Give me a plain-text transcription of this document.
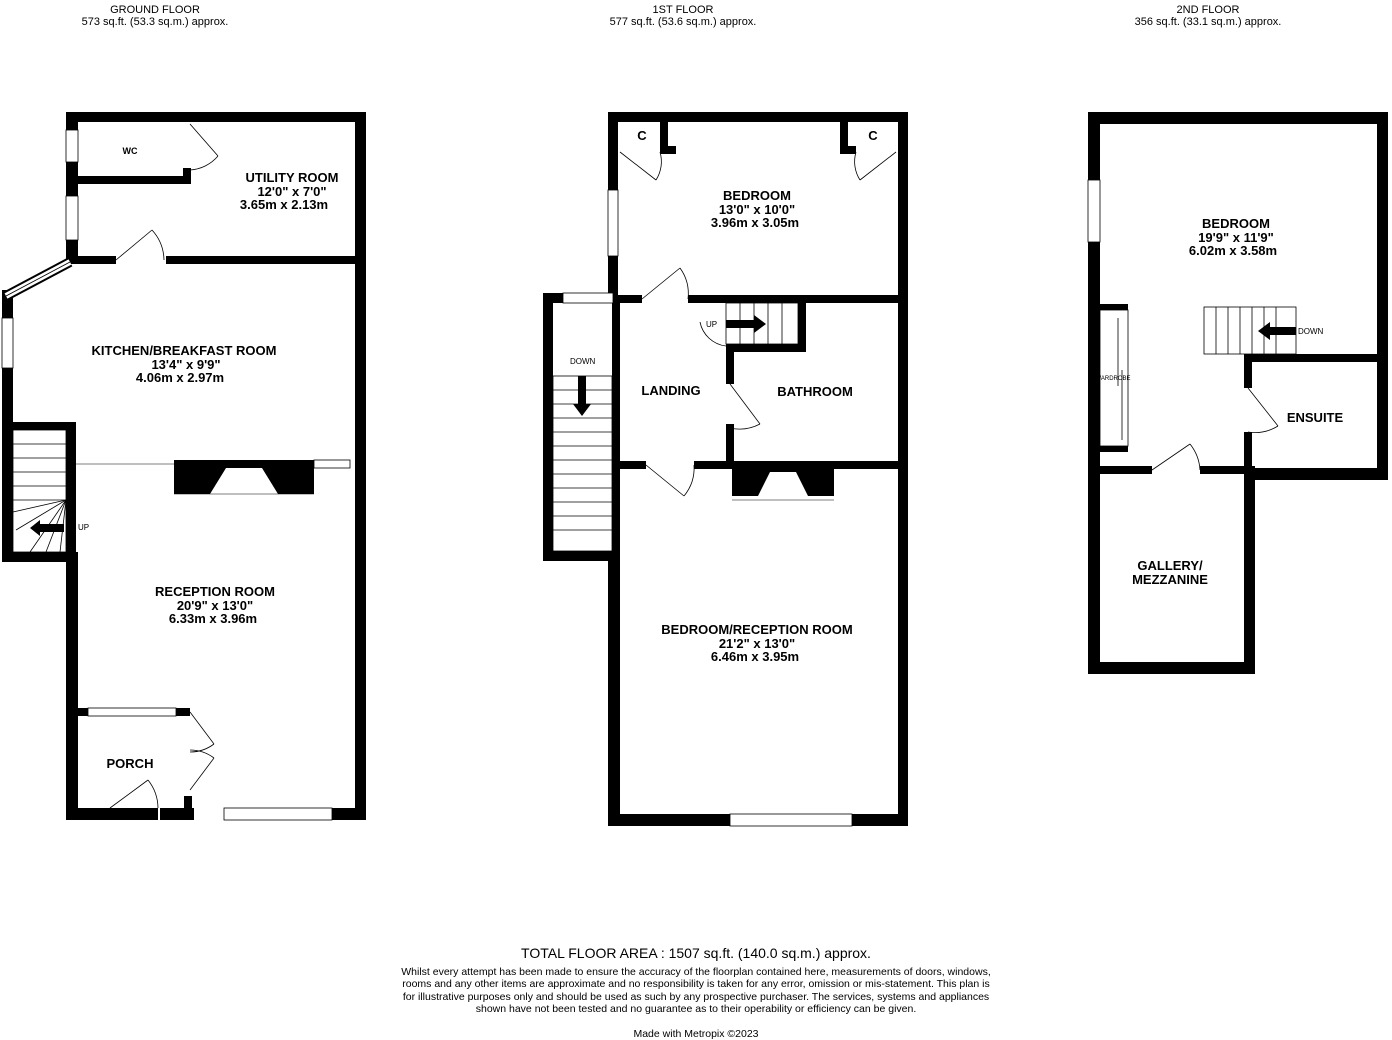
GROUND FLOOR
573 sq.ft. (53.3 sq.m.) approx.
1ST FLOOR
577 sq.ft. (53.6 sq.m.) approx.
2ND FLOOR
356 sq.ft. (33.1 sq.m.) approx.
UP
WC
UTILITY ROOM
12'0" x 7'0"
3.65m x 2.13m
KITCHEN/BREAKFAST ROOM
13'4" x 9'9"
4.06m x 2.97m
RECEPTION ROOM
20'9" x 13'0"
6.33m x 3.96m
PORCH
DOWN
UP
C	C
BEDROOM
13'0" x 10'0"
3.96m x 3.05m
LANDING	BATHROOM
BEDROOM/RECEPTION ROOM
21'2" x 13'0"
6.46m x 3.95m
WARDROBE
DOWN
BEDROOM
19'9" x 11'9"
6.02m x 3.58m
ENSUITE
GALLERY/
MEZZANINE
TOTAL FLOOR AREA : 1507 sq.ft. (140.0 sq.m.) approx.
Whilst every attempt has been made to ensure the accuracy of the floorplan contained here, measurements of doors, windows, rooms and any other items are approximate and no responsibility is taken for any error, omission or mis-statement. This plan is for illustrative purposes only and should be used as such by any prospective purchaser. The services, systems and appliances shown have not been tested and no guarantee as to their operability or efficiency can be given.
Made with Metropix ©2023
